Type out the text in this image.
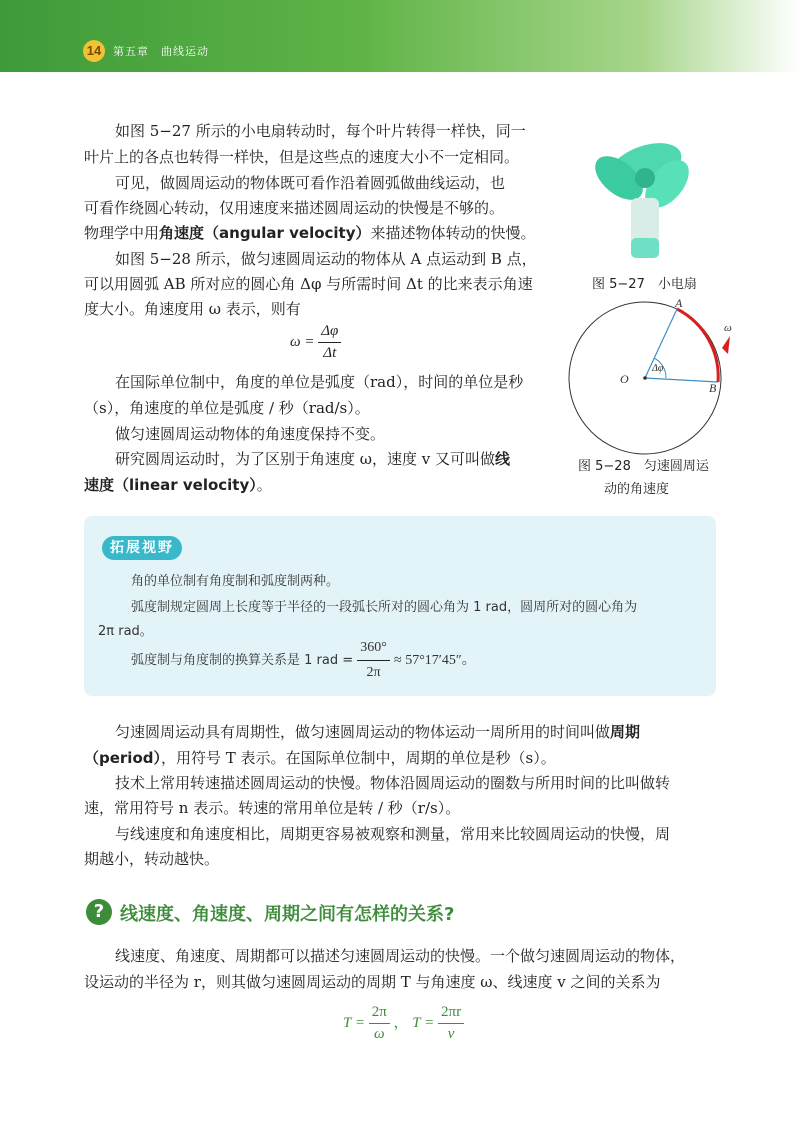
14	第五章　曲线运动

如图 5−27 所示的小电扇转动时，每个叶片转得一样快，同一

叶片上的各点也转得一样快，但是这些点的速度大小不一定相同。

可见，做圆周运动的物体既可看作沿着圆弧做曲线运动，也

可看作绕圆心转动，仅用速度来描述圆周运动的快慢是不够的。

物理学中用角速度（angular velocity）来描述物体转动的快慢。

如图 5−28 所示，做匀速圆周运动的物体从 A 点运动到 B 点，

可以用圆弧 AB 所对应的圆心角 Δφ 与所需时间 Δt 的比来表示角速

度大小。角速度用 ω 表示，则有

$\omega = \frac{\Delta\varphi}{\Delta t}$

在国际单位制中，角度的单位是弧度（rad），时间的单位是秒

（s），角速度的单位是弧度 / 秒（rad/s）。

做匀速圆周运动物体的角速度保持不变。

研究圆周运动时，为了区别于角速度 ω，速度 v 又可叫做线

速度（linear velocity）。

图 5−27　小电扇
A
B
O
Δφ
ω
图 5−28　匀速圆周运
动的角速度
拓展视野

角的单位制有角度制和弧度制两种。

弧度制规定圆周上长度等于半径的一段弧长所对的圆心角为 1 rad，圆周所对的圆心角为

2π rad。

弧度制与角度制的换算关系是 1 rad = $\frac{360^\circ}{2\pi} \approx 57^\circ 17'45''$。

匀速圆周运动具有周期性，做匀速圆周运动的物体运动一周所用的时间叫做周期

（period），用符号 T 表示。在国际单位制中，周期的单位是秒（s）。

技术上常用转速描述圆周运动的快慢。物体沿圆周运动的圈数与所用时间的比叫做转

速，常用符号 n 表示。转速的常用单位是转 / 秒（r/s）。

与线速度和角速度相比，周期更容易被观察和测量，常用来比较圆周运动的快慢，周

期越小，转动越快。

? 线速度、角速度、周期之间有怎样的关系?

线速度、角速度、周期都可以描述匀速圆周运动的快慢。一个做匀速圆周运动的物体，

设运动的半径为 r，则其做匀速圆周运动的周期 T 与角速度 ω、线速度 v 之间的关系为

$T = \frac{2\pi}{\omega}$ ， $T = \frac{2\pi r}{v}$
